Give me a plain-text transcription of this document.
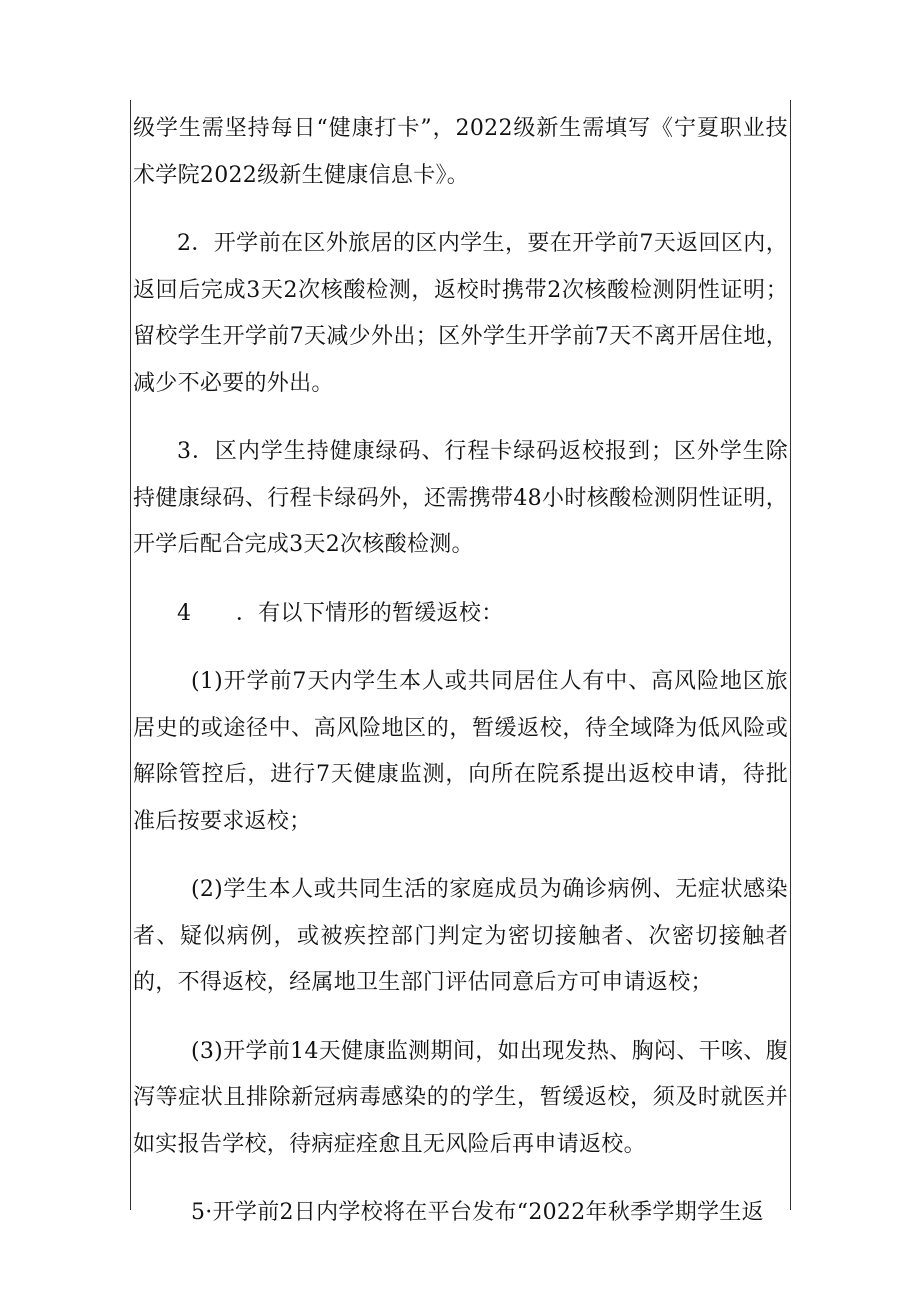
级学生需坚持每日“健康打卡”，2022级新生需填写《宁夏职业技术学院2022级新生健康信息卡》。

2．开学前在区外旅居的区内学生，要在开学前7天返回区内，返回后完成3天2次核酸检测，返校时携带2次核酸检测阴性证明；留校学生开学前7天减少外出；区外学生开学前7天不离开居住地，减少不必要的外出。

3．区内学生持健康绿码、行程卡绿码返校报到；区外学生除持健康绿码、行程卡绿码外，还需携带48小时核酸检测阴性证明，开学后配合完成3天2次核酸检测。

4　　．有以下情形的暂缓返校：

(1)开学前7天内学生本人或共同居住人有中、高风险地区旅居史的或途径中、高风险地区的，暂缓返校，待全域降为低风险或解除管控后，进行7天健康监测，向所在院系提出返校申请，待批准后按要求返校；

(2)学生本人或共同生活的家庭成员为确诊病例、无症状感染者、疑似病例，或被疾控部门判定为密切接触者、次密切接触者的，不得返校，经属地卫生部门评估同意后方可申请返校；

(3)开学前14天健康监测期间，如出现发热、胸闷、干咳、腹泻等症状且排除新冠病毒感染的的学生，暂缓返校，须及时就医并如实报告学校，待病症痊愈且无风险后再申请返校。

5·开学前2日内学校将在平台发布“2022年秋季学期学生返
